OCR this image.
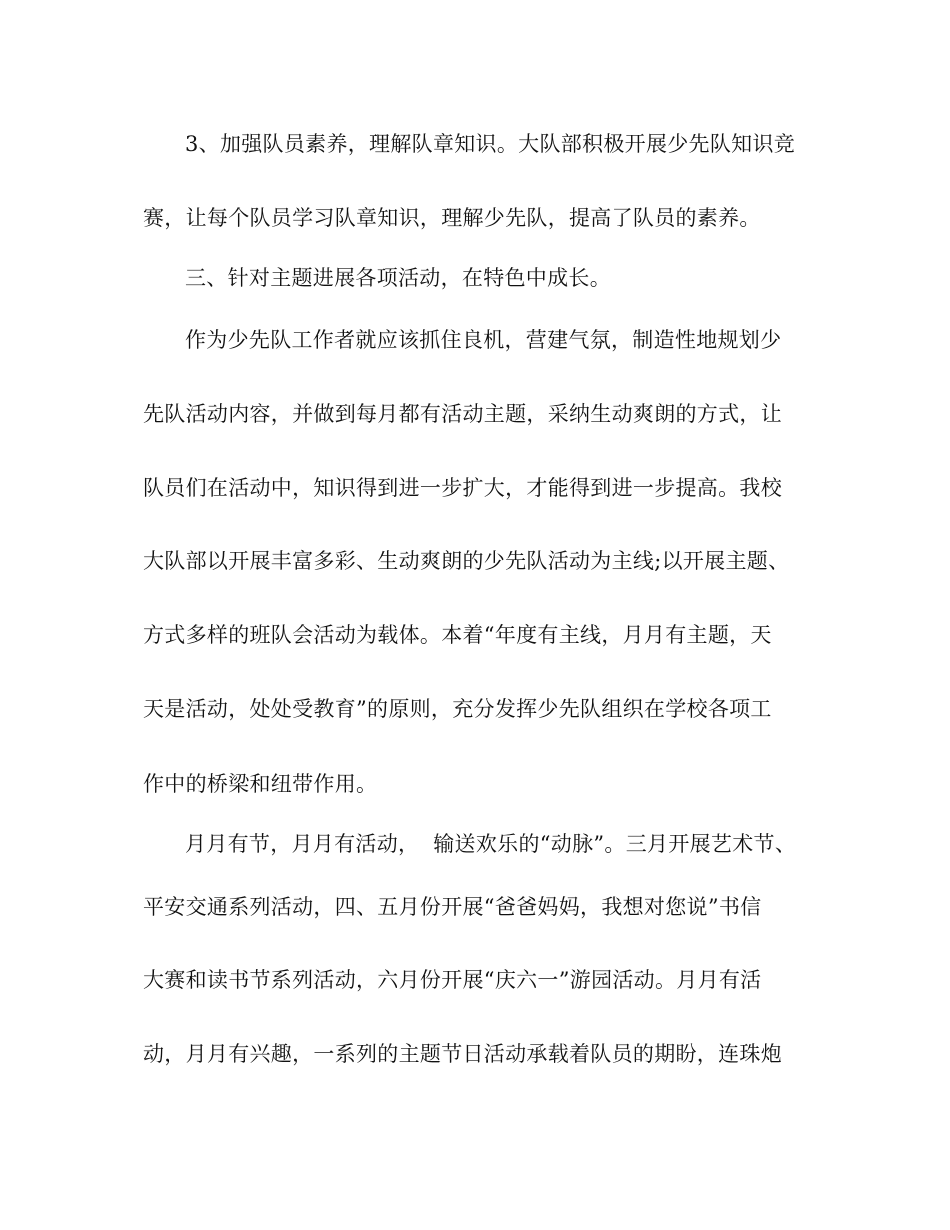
3、加强队员素养，理解队章知识。大队部积极开展少先队知识竞
赛，让每个队员学习队章知识，理解少先队，提高了队员的素养。
三、针对主题进展各项活动，在特色中成长。
作为少先队工作者就应该抓住良机，营建气氛，制造性地规划少
先队活动内容，并做到每月都有活动主题，采纳生动爽朗的方式，让
队员们在活动中，知识得到进一步扩大，才能得到进一步提高。我校
大队部以开展丰富多彩、生动爽朗的少先队活动为主线;以开展主题、
方式多样的班队会活动为载体。本着“年度有主线，月月有主题，天
天是活动，处处受教育”的原则，充分发挥少先队组织在学校各项工
作中的桥梁和纽带作用。
月月有节，月月有活动，  输送欢乐的“动脉”。三月开展艺术节、
平安交通系列活动，四、五月份开展“爸爸妈妈，我想对您说”书信
大赛和读书节系列活动，六月份开展“庆六一”游园活动。月月有活
动，月月有兴趣，一系列的主题节日活动承载着队员的期盼，连珠炮
